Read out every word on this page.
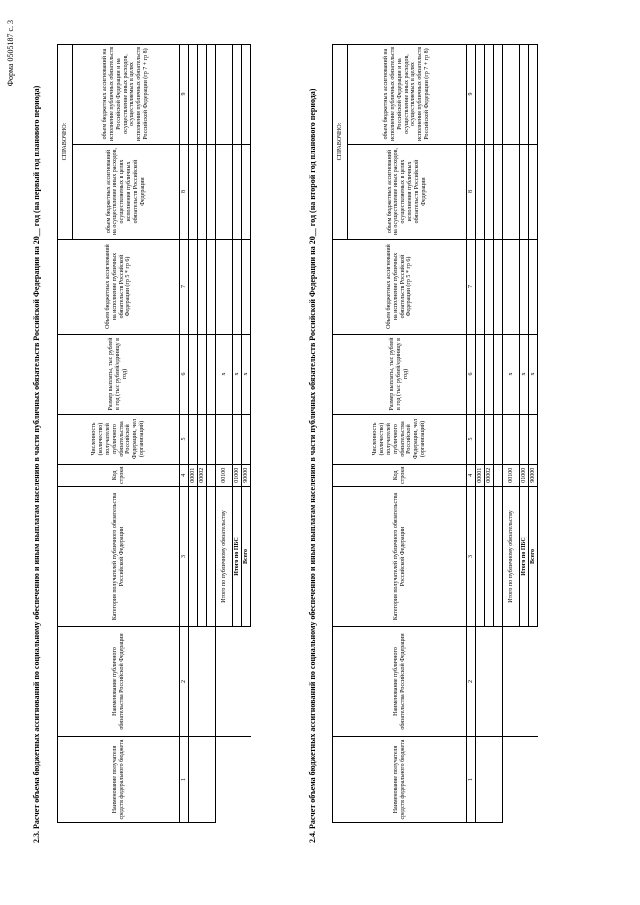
Форма 0505187 с. 3
2.3. Расчет объема бюджетных ассигнований по социальному обеспечению и иным выплатам населению в части публичных обязательств Российской Федерации на 20__ год (на первый год планового периода)	Наименование получателя средств федерального бюджета	Наименование публичного обязательства Российской Федерации	Категория получателей публичного обязательства Российской Федерации	Код строки	Численность (количество) получателей публичного обязательства Российской Федерации, чел (организаций)	Размер выплаты, тыс рублей в год (тыс рублей/единицу в год)	Объем бюджетных ассигнований на исполнение публичных обязательств Российской Федерации (гр 5 * гр 6)	СПРАВОЧНО:	
							объем бюджетных ассигнований на осуществление иных расходов, осуществляемых в целях исполнения публичных обязательств Российской Федерации	объем бюджетных ассигнований на исполнение публичных обязательств Российской Федерации и на осуществление иных расходов, осуществляемых в целях исполнения публичных обязательств Российской Федерации (гр 7 + гр 8)
1	2	3	4	5	6	7	8	9
			00001					
			00002					

		Итого по публичному обязательству	00100		x			
		Итого по ПБС	01000		x			
		Всего	90000		x				2.4. Расчет объема бюджетных ассигнований по социальному обеспечению и иным выплатам населению в части публичных обязательств Российской Федерации на 20__ год (на второй год планового периода)	Наименование получателя средств федерального бюджета	Наименование публичного обязательства Российской Федерации	Категория получателей публичного обязательства Российской Федерации	Код строки	Численность (количество) получателей публичного обязательства Российской Федерации, чел (организаций)	Размер выплаты, тыс рублей в год (тыс рублей/единицу в год)	Объем бюджетных ассигнований на исполнение публичных обязательств Российской Федерации (гр 5 * гр 6)	СПРАВОЧНО:	
							объем бюджетных ассигнований на осуществление иных расходов, осуществляемых в целях исполнения публичных обязательств Российской Федерации	объем бюджетных ассигнований на исполнение публичных обязательств Российской Федерации и на осуществление иных расходов, осуществляемых в целях исполнения публичных обязательств Российской Федерации (гр 7 + гр 8)
1	2	3	4	5	6	7	8	9
			00001					
			00002					

		Итого по публичному обязательству	00100		x			
		Итого по ПБС	01000		x			
		Всего	90000		x			
